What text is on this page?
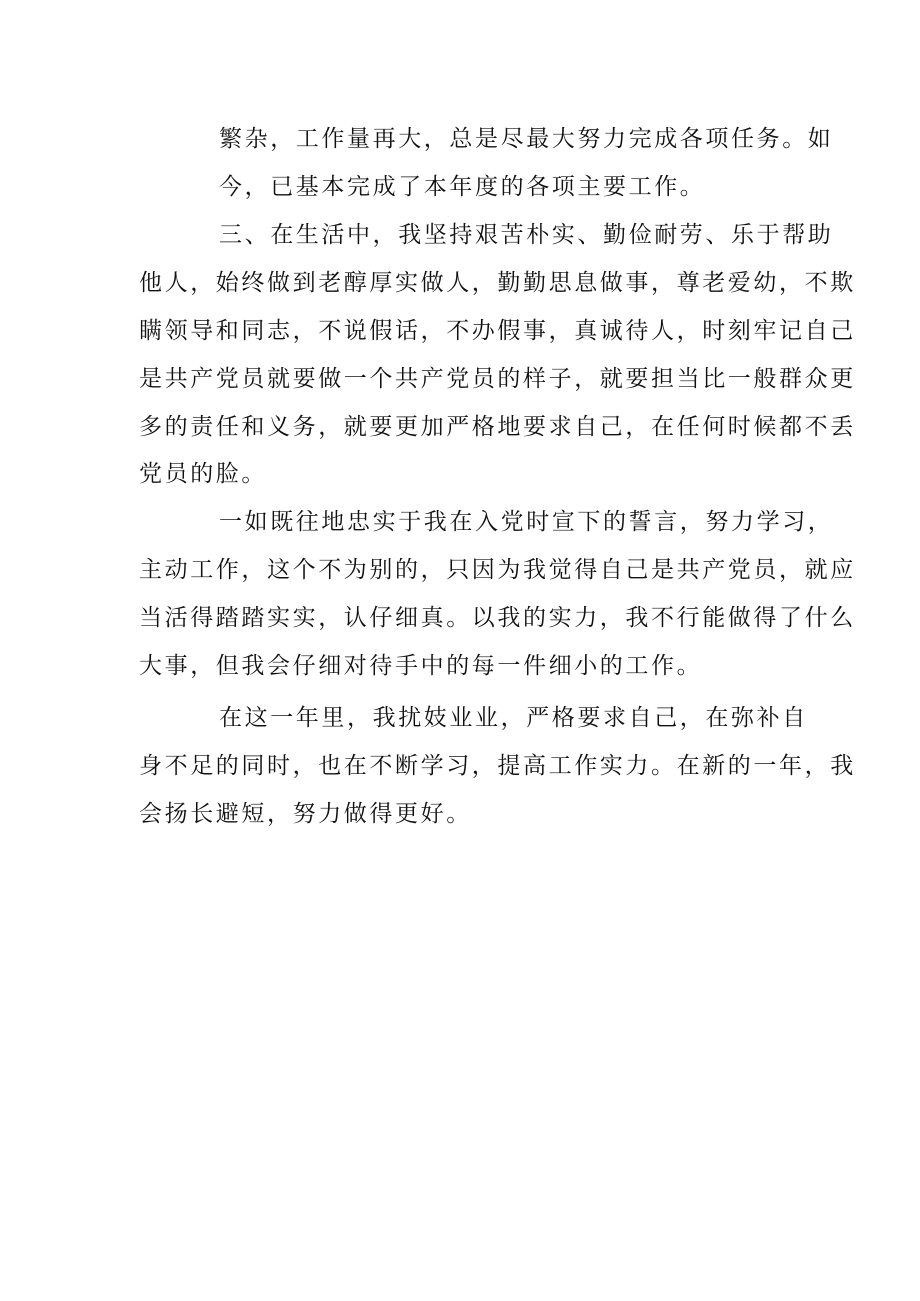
繁杂，工作量再大，总是尽最大努力完成各项任务。如
今，已基本完成了本年度的各项主要工作。
三、在生活中，我坚持艰苦朴实、勤俭耐劳、乐于帮助
他人，始终做到老醇厚实做人，勤勤思息做事，尊老爱幼，不欺
瞒领导和同志，不说假话，不办假事，真诚待人，时刻牢记自己
是共产党员就要做一个共产党员的样子，就要担当比一般群众更
多的责任和义务，就要更加严格地要求自己，在任何时候都不丢
党员的脸。
一如既往地忠实于我在入党时宣下的誓言，努力学习，
主动工作，这个不为别的，只因为我觉得自己是共产党员，就应
当活得踏踏实实，认仔细真。以我的实力，我不行能做得了什么
大事，但我会仔细对待手中的每一件细小的工作。
在这一年里，我扰妓业业，严格要求自己，在弥补自
身不足的同时，也在不断学习，提高工作实力。在新的一年，我
会扬长避短，努力做得更好。
